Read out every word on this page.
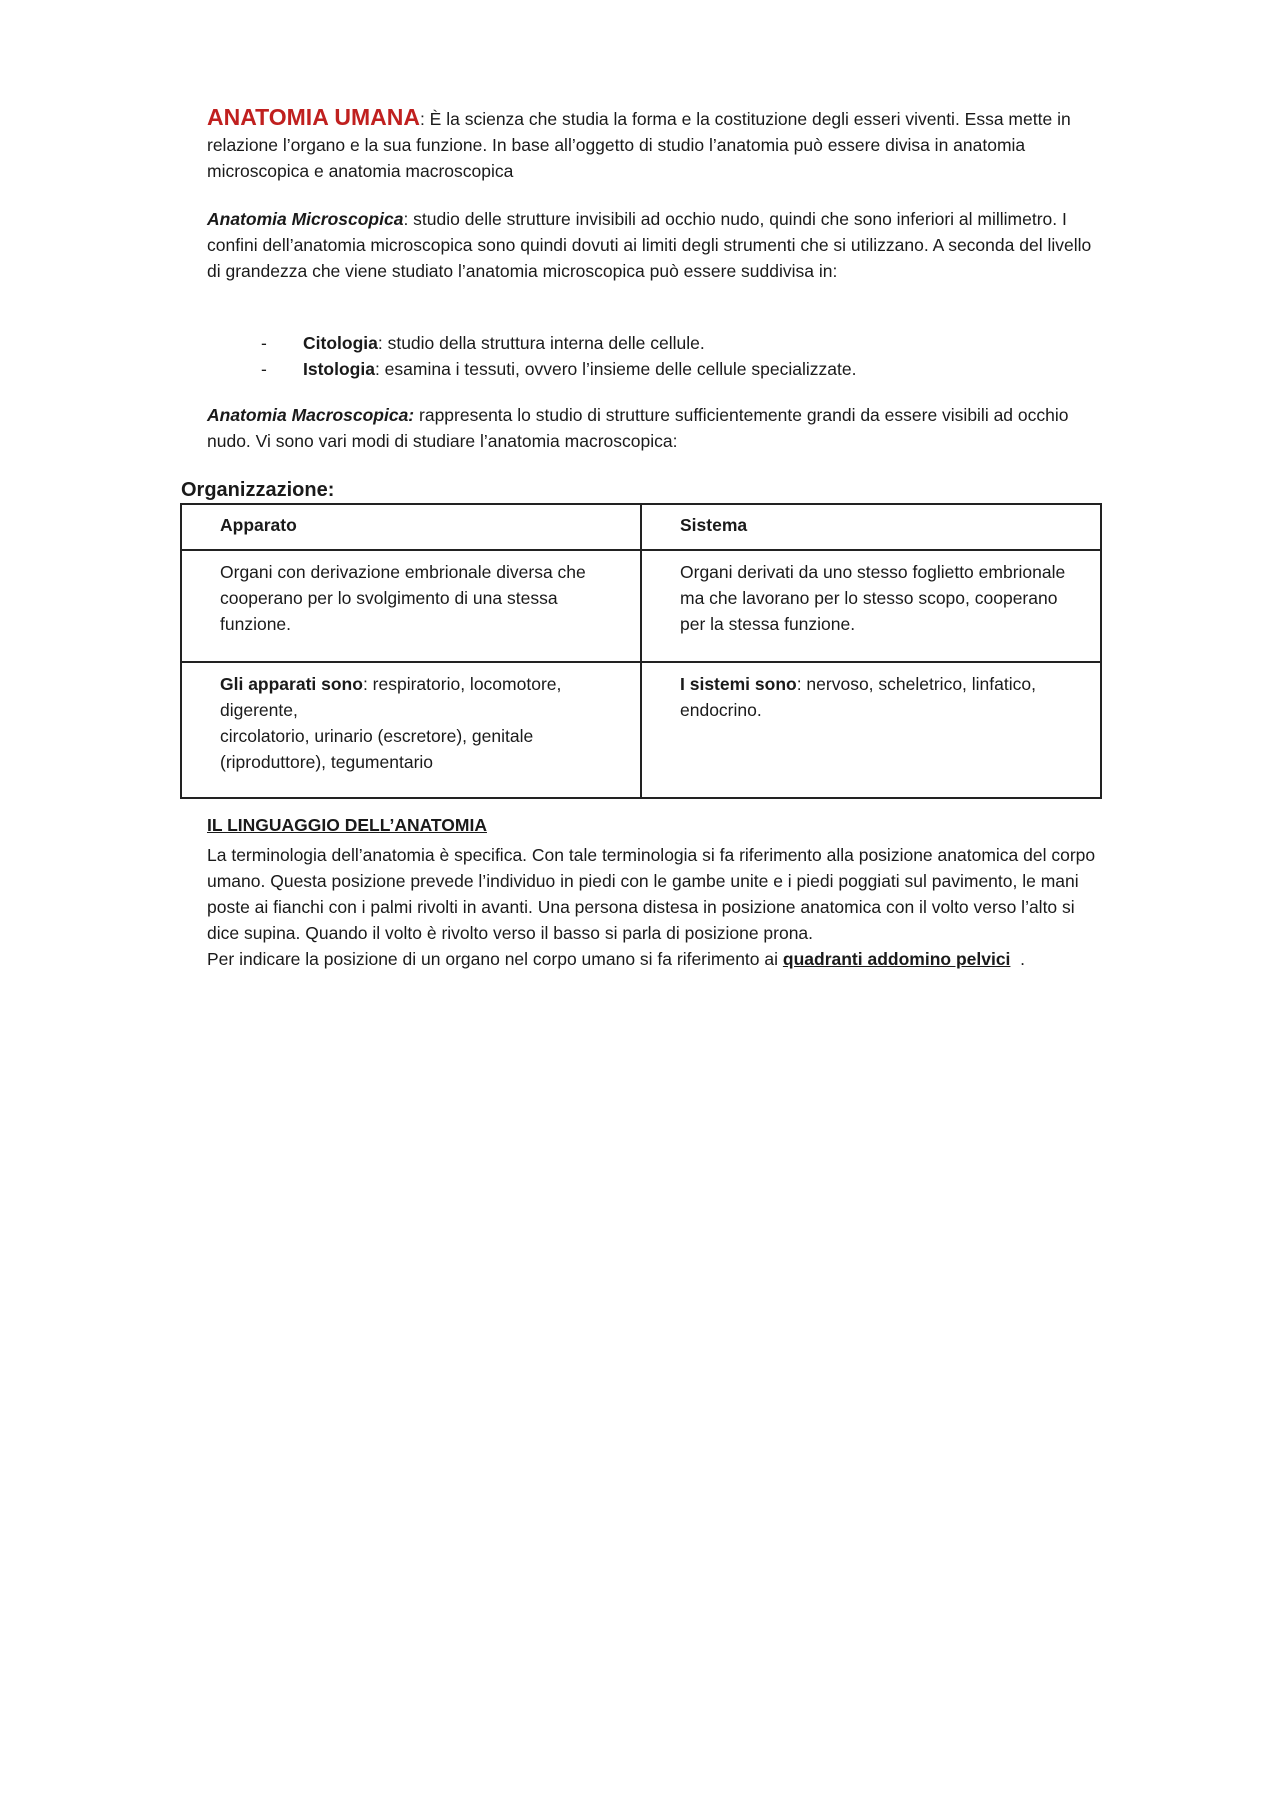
ANATOMIA UMANA: È la scienza che studia la forma e la costituzione degli esseri viventi. Essa mette in relazione l’organo e la sua funzione. In base all’oggetto di studio l’anatomia può essere divisa in anatomia microscopica e anatomia macroscopica

Anatomia Microscopica: studio delle strutture invisibili ad occhio nudo, quindi che sono inferiori al millimetro. I confini dell’anatomia microscopica sono quindi dovuti ai limiti degli strumenti che si utilizzano. A seconda del livello di grandezza che viene studiato l’anatomia microscopica può essere suddivisa in:

- Citologia: studio della struttura interna delle cellule.
- Istologia: esamina i tessuti, ovvero l’insieme delle cellule specializzate.

Anatomia Macroscopica: rappresenta lo studio di strutture sufficientemente grandi da essere visibili ad occhio nudo. Vi sono vari modi di studiare l’anatomia macroscopica:

Organizzazione:
Apparato	Sistema
Organi con derivazione embrionale diversa che cooperano per lo svolgimento di una stessa funzione.	Organi derivati da uno stesso foglietto embrionale ma che lavorano per lo stesso scopo, cooperano per la stessa funzione.
Gli apparati sono: respiratorio, locomotore, digerente,
circolatorio, urinario (escretore), genitale (riproduttore), tegumentario	I sistemi sono: nervoso, scheletrico, linfatico, endocrino.
IL LINGUAGGIO DELL’ANATOMIA

La terminologia dell’anatomia è specifica. Con tale terminologia si fa riferimento alla posizione anatomica del corpo umano. Questa posizione prevede l’individuo in piedi con le gambe unite e i piedi poggiati sul pavimento, le mani poste ai fianchi con i palmi rivolti in avanti. Una persona distesa in posizione anatomica con il volto verso l’alto si dice supina. Quando il volto è rivolto verso il basso si parla di posizione prona.

Per indicare la posizione di un organo nel corpo umano si fa riferimento ai quadranti addomino pelvici  .
